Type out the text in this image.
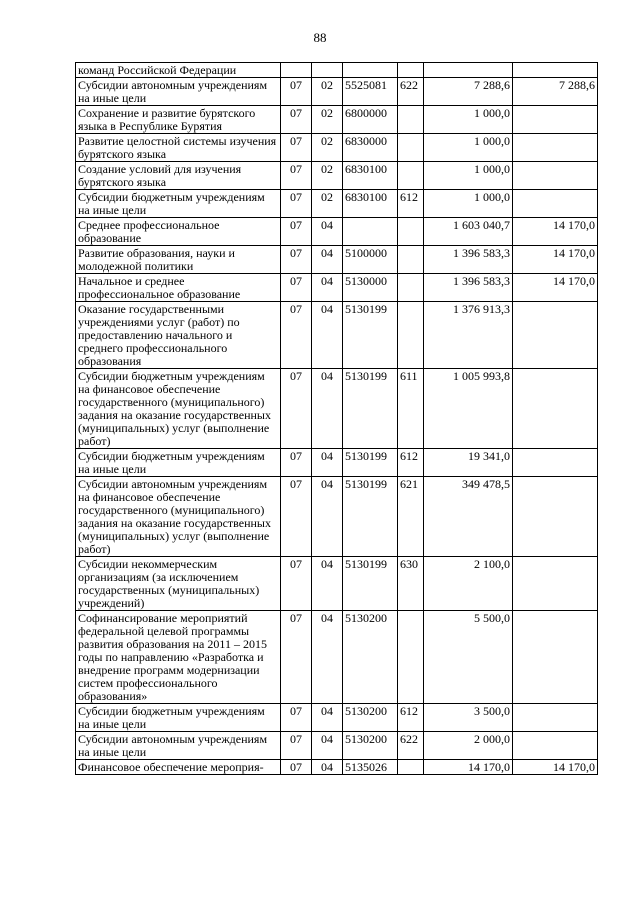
88
команд Российской Федерации						
Субсидии автономным учреждениям на иные цели	07	02	5525081	622	7 288,6	7 288,6
Сохранение и развитие бурятского языка в Республике Бурятия	07	02	6800000		1 000,0	
Развитие целостной системы изучения бурятского языка	07	02	6830000		1 000,0	
Создание условий для изучения бурятского языка	07	02	6830100		1 000,0	
Субсидии бюджетным учреждениям на иные цели	07	02	6830100	612	1 000,0	
Среднее профессиональное образование	07	04			1 603 040,7	14 170,0
Развитие образования, науки и молодежной политики	07	04	5100000		1 396 583,3	14 170,0
Начальное и среднее профессиональное образование	07	04	5130000		1 396 583,3	14 170,0
Оказание государственными учреждениями услуг (работ) по предоставлению начального и среднего профессионального образования	07	04	5130199		1 376 913,3	
Субсидии бюджетным учреждениям на финансовое обеспечение государственного (муниципального) задания на оказание государственных (муниципальных) услуг (выполнение работ)	07	04	5130199	611	1 005 993,8	
Субсидии бюджетным учреждениям на иные цели	07	04	5130199	612	19 341,0	
Субсидии автономным учреждениям на финансовое обеспечение государственного (муниципального) задания на оказание государственных (муниципальных) услуг (выполнение работ)	07	04	5130199	621	349 478,5	
Субсидии некоммерческим организациям (за исключением государственных (муниципальных) учреждений)	07	04	5130199	630	2 100,0	
Софинансирование мероприятий федеральной целевой программы развития образования на 2011 – 2015 годы по направлению «Разработка и внедрение программ модернизации систем профессионального образования»	07	04	5130200		5 500,0	
Субсидии бюджетным учреждениям на иные цели	07	04	5130200	612	3 500,0	
Субсидии автономным учреждениям на иные цели	07	04	5130200	622	2 000,0	
Финансовое обеспечение мероприя-	07	04	5135026		14 170,0	14 170,0
